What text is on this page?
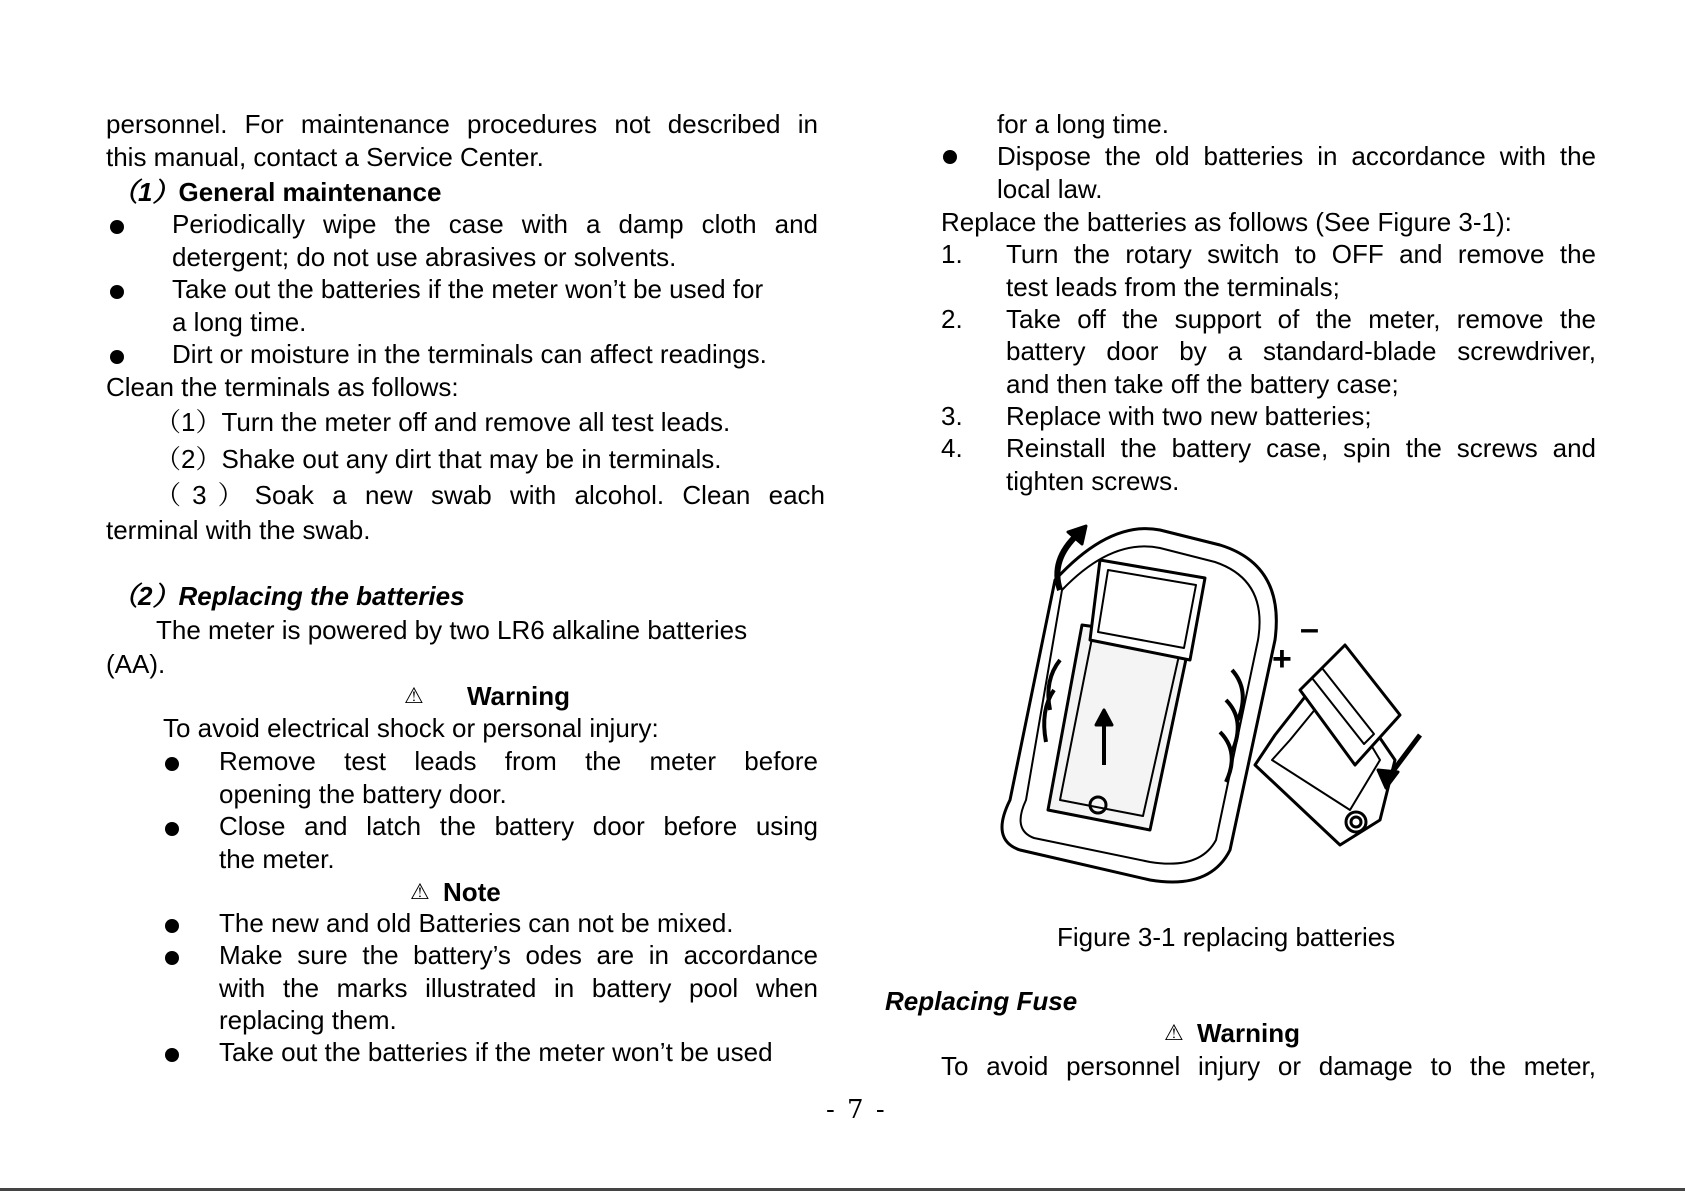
personnel. For maintenance procedures not described in
this manual, contact a Service Center.
（1）General maintenance
Periodically wipe the case with a damp cloth and
detergent; do not use abrasives or solvents.
Take out the batteries if the meter won’t be used for
a long time.
Dirt or moisture in the terminals can affect readings.
Clean the terminals as follows:
（1）Turn the meter off and remove all test leads.
（2）Shake out any dirt that may be in terminals.
（3）Soak a new swab with alcohol. Clean each
terminal with the swab.
（2）Replacing the batteries
The meter is powered by two LR6 alkaline batteries
(AA).
⚠ Warning
To avoid electrical shock or personal injury:
Remove test leads from the meter before
opening the battery door.
Close and latch the battery door before using
the meter.
⚠ Note
The new and old Batteries can not be mixed.
Make sure the battery’s odes are in accordance
with the marks illustrated in battery pool when
replacing them.
Take out the batteries if the meter won’t be used
for a long time.
Dispose the old batteries in accordance with the
local law.
Replace the batteries as follows (See Figure 3-1):
1. Turn the rotary switch to OFF and remove the
test leads from the terminals;
2. Take off the support of the meter, remove the
battery door by a standard-blade screwdriver,
and then take off the battery case;
3. Replace with two new batteries;
4. Reinstall the battery case, spin the screws and
tighten screws.
+
–
Figure 3-1 replacing batteries
Replacing Fuse
⚠ Warning
To avoid personnel injury or damage to the meter,
- 7 -
